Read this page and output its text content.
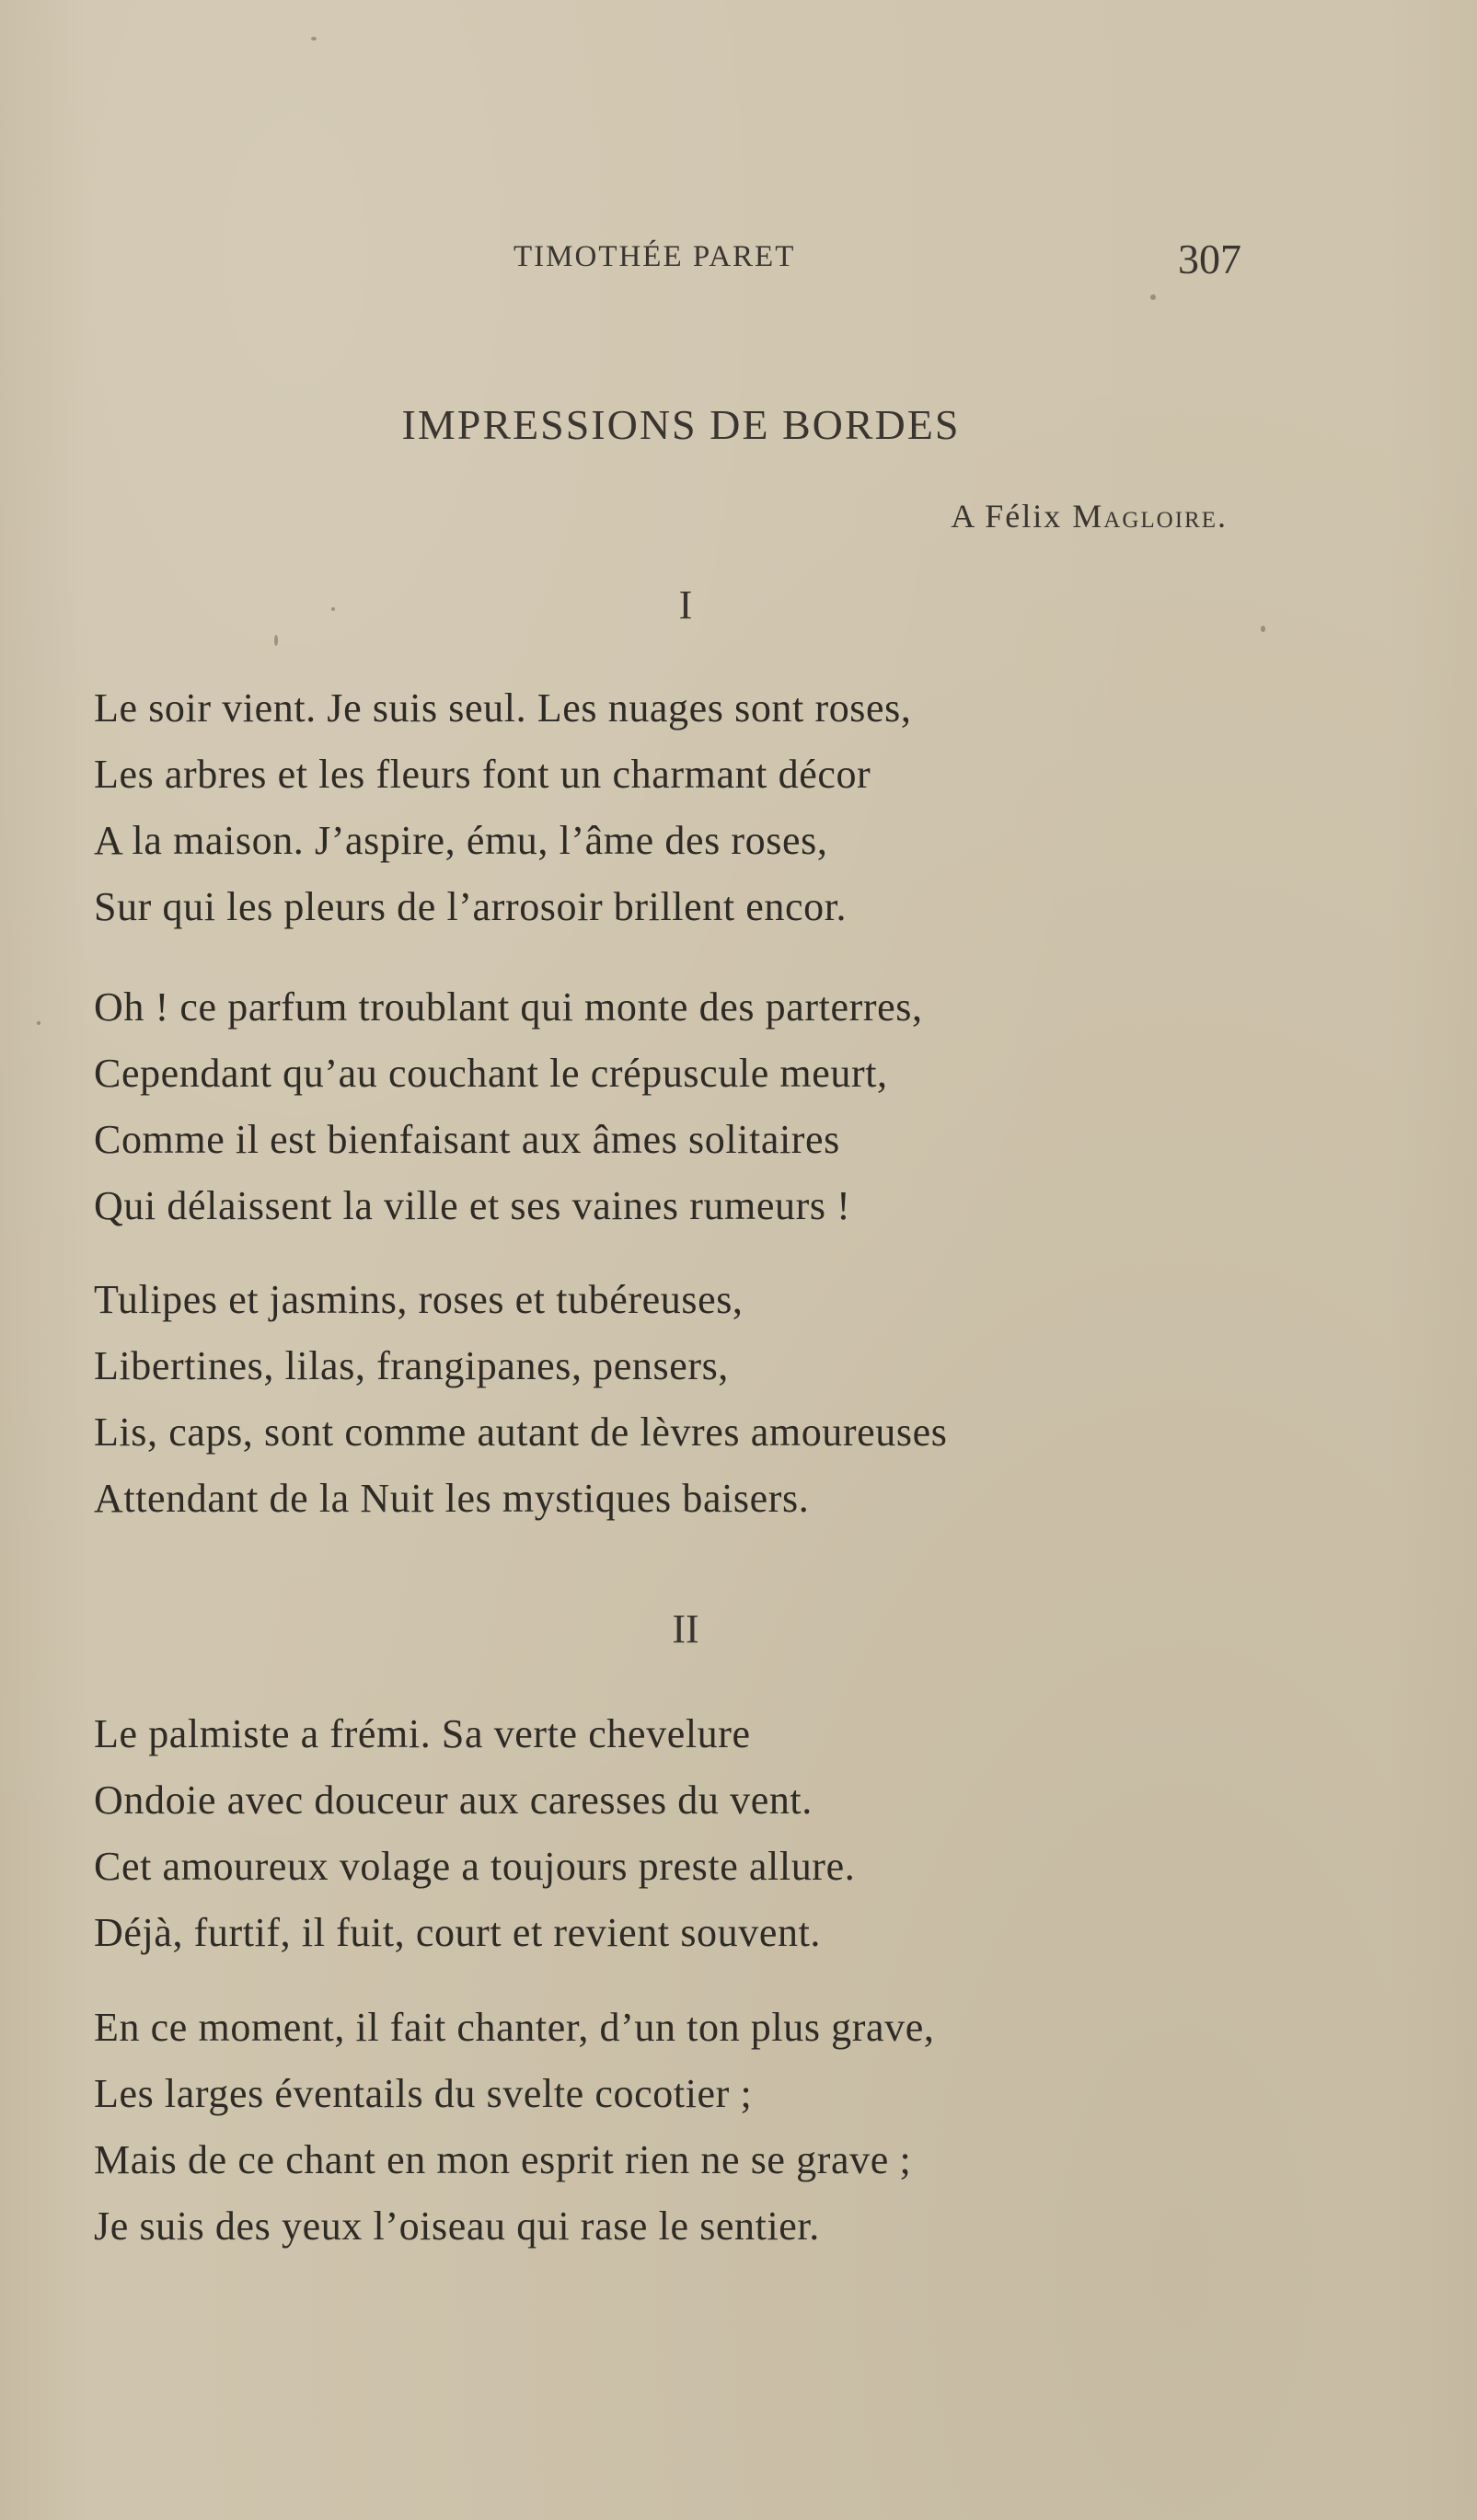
TIMOTHÉE PARET	307
IMPRESSIONS DE BORDES
A Félix Magloire.
I
Le soir vient. Je suis seul. Les nuages sont roses,
Les arbres et les fleurs font un charmant décor
A la maison. J’aspire, ému, l’âme des roses,
Sur qui les pleurs de l’arrosoir brillent encor.
Oh ! ce parfum troublant qui monte des parterres,
Cependant qu’au couchant le crépuscule meurt,
Comme il est bienfaisant aux âmes solitaires
Qui délaissent la ville et ses vaines rumeurs !
Tulipes et jasmins, roses et tubéreuses,
Libertines, lilas, frangipanes, pensers,
Lis, caps, sont comme autant de lèvres amoureuses
Attendant de la Nuit les mystiques baisers.
II
Le palmiste a frémi. Sa verte chevelure
Ondoie avec douceur aux caresses du vent.
Cet amoureux volage a toujours preste allure.
Déjà, furtif, il fuit, court et revient souvent.
En ce moment, il fait chanter, d’un ton plus grave,
Les larges éventails du svelte cocotier ;
Mais de ce chant en mon esprit rien ne se grave ;
Je suis des yeux l’oiseau qui rase le sentier.
